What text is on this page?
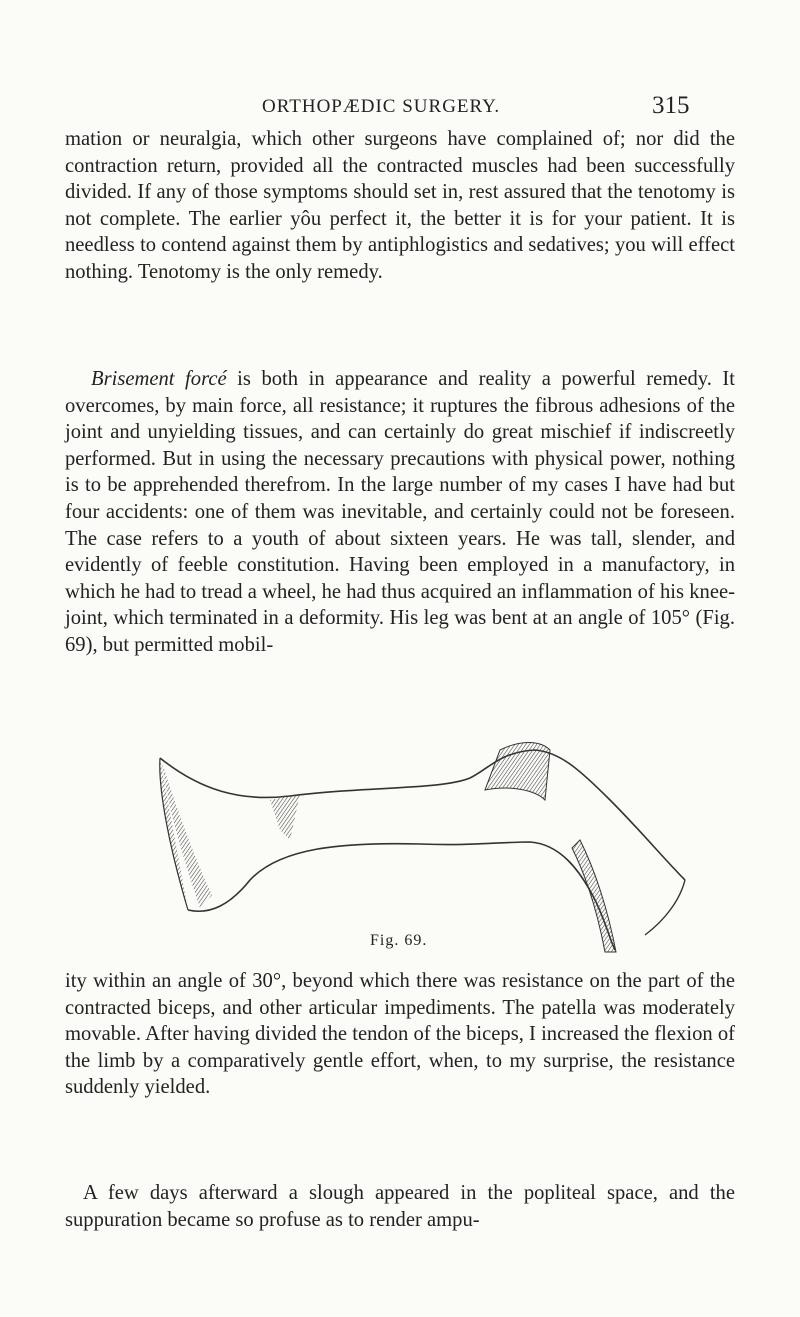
ORTHOPÆDIC SURGERY.	315

mation or neuralgia, which other surgeons have complained of; nor did the contraction return, provided all the contracted muscles had been successfully divided. If any of those symptoms should set in, rest assured that the tenotomy is not complete. The earlier yôu perfect it, the better it is for your patient. It is needless to contend against them by antiphlogistics and sedatives; you will effect nothing. Tenotomy is the only remedy.

Brisement forcé is both in appearance and reality a powerful remedy. It overcomes, by main force, all resistance; it ruptures the fibrous adhesions of the joint and unyielding tissues, and can certainly do great mischief if indiscreetly performed. But in using the necessary precautions with physical power, nothing is to be apprehended therefrom. In the large number of my cases I have had but four accidents: one of them was inevitable, and certainly could not be foreseen. The case refers to a youth of about sixteen years. He was tall, slender, and evidently of feeble constitution. Having been employed in a manufactory, in which he had to tread a wheel, he had thus acquired an inflammation of his knee-joint, which terminated in a deformity. His leg was bent at an angle of 105° (Fig. 69), but permitted mobil-

Fig. 69.

ity within an angle of 30°, beyond which there was resistance on the part of the contracted biceps, and other articular impediments. The patella was moderately movable. After having divided the tendon of the biceps, I increased the flexion of the limb by a comparatively gentle effort, when, to my surprise, the resistance suddenly yielded.

A few days afterward a slough appeared in the popliteal space, and the suppuration became so profuse as to render ampu-
